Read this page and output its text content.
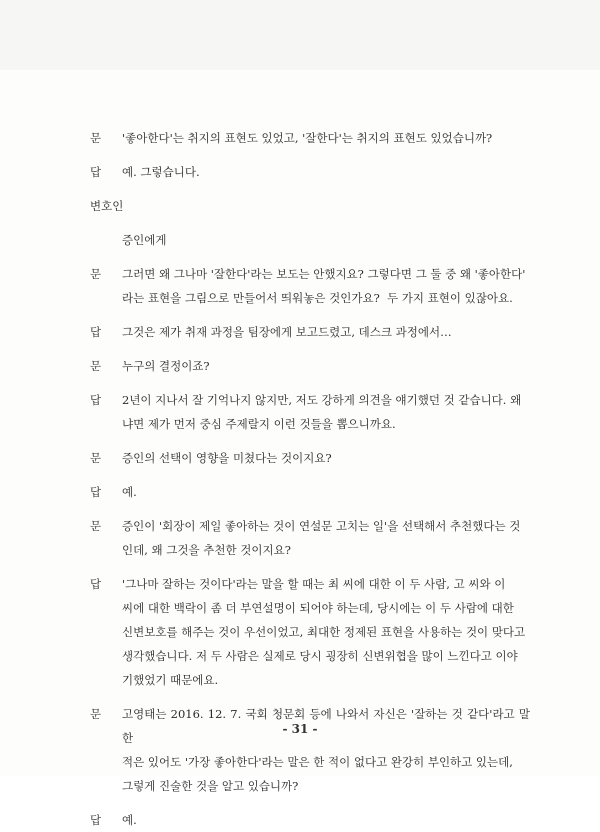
문	'좋아한다'는 취지의 표현도 있었고, '잘한다'는 취지의 표현도 있었습니까?
답	예. 그렇습니다.
변호인
증인에게
문	그러면 왜 그나마 '잘한다'라는 보도는 안했지요? 그렇다면 그 둘 중 왜 '좋아한다'
라는 표현을 그림으로 만들어서 띄워놓은 것인가요?  두 가지 표현이 있잖아요.
답	그것은 제가 취재 과정을 팀장에게 보고드렸고, 데스크 과정에서…
문	누구의 결정이죠?
답	2년이 지나서 잘 기억나지 않지만, 저도 강하게 의견을 얘기했던 것 같습니다. 왜
냐면 제가 먼저 중심 주제랄지 이런 것들을 뽑으니까요.
문	증인의 선택이 영향을 미쳤다는 것이지요?
답	예.
문	증인이 '회장이 제일 좋아하는 것이 연설문 고치는 일'을 선택해서 추천했다는 것
인데, 왜 그것을 추천한 것이지요?
답	'그나마 잘하는 것이다'라는 말을 할 때는 최 씨에 대한 이 두 사람, 고 씨와 이
씨에 대한 백락이 좀 더 부연설명이 되어야 하는데, 당시에는 이 두 사람에 대한
신변보호를 해주는 것이 우선이었고, 최대한 정제된 표현을 사용하는 것이 맞다고
생각했습니다. 저 두 사람은 실제로 당시 굉장히 신변위협을 많이 느낀다고 이야
기했었기 때문에요.
문	고영태는 2016. 12. 7. 국회 청문회 등에 나와서 자신은 '잘하는 것 같다'라고 말한
적은 있어도 '가장 좋아한다'라는 말은 한 적이 없다고 완강히 부인하고 있는데,
그렇게 진술한 것을 알고 있습니까?
답	예.
- 31 -
